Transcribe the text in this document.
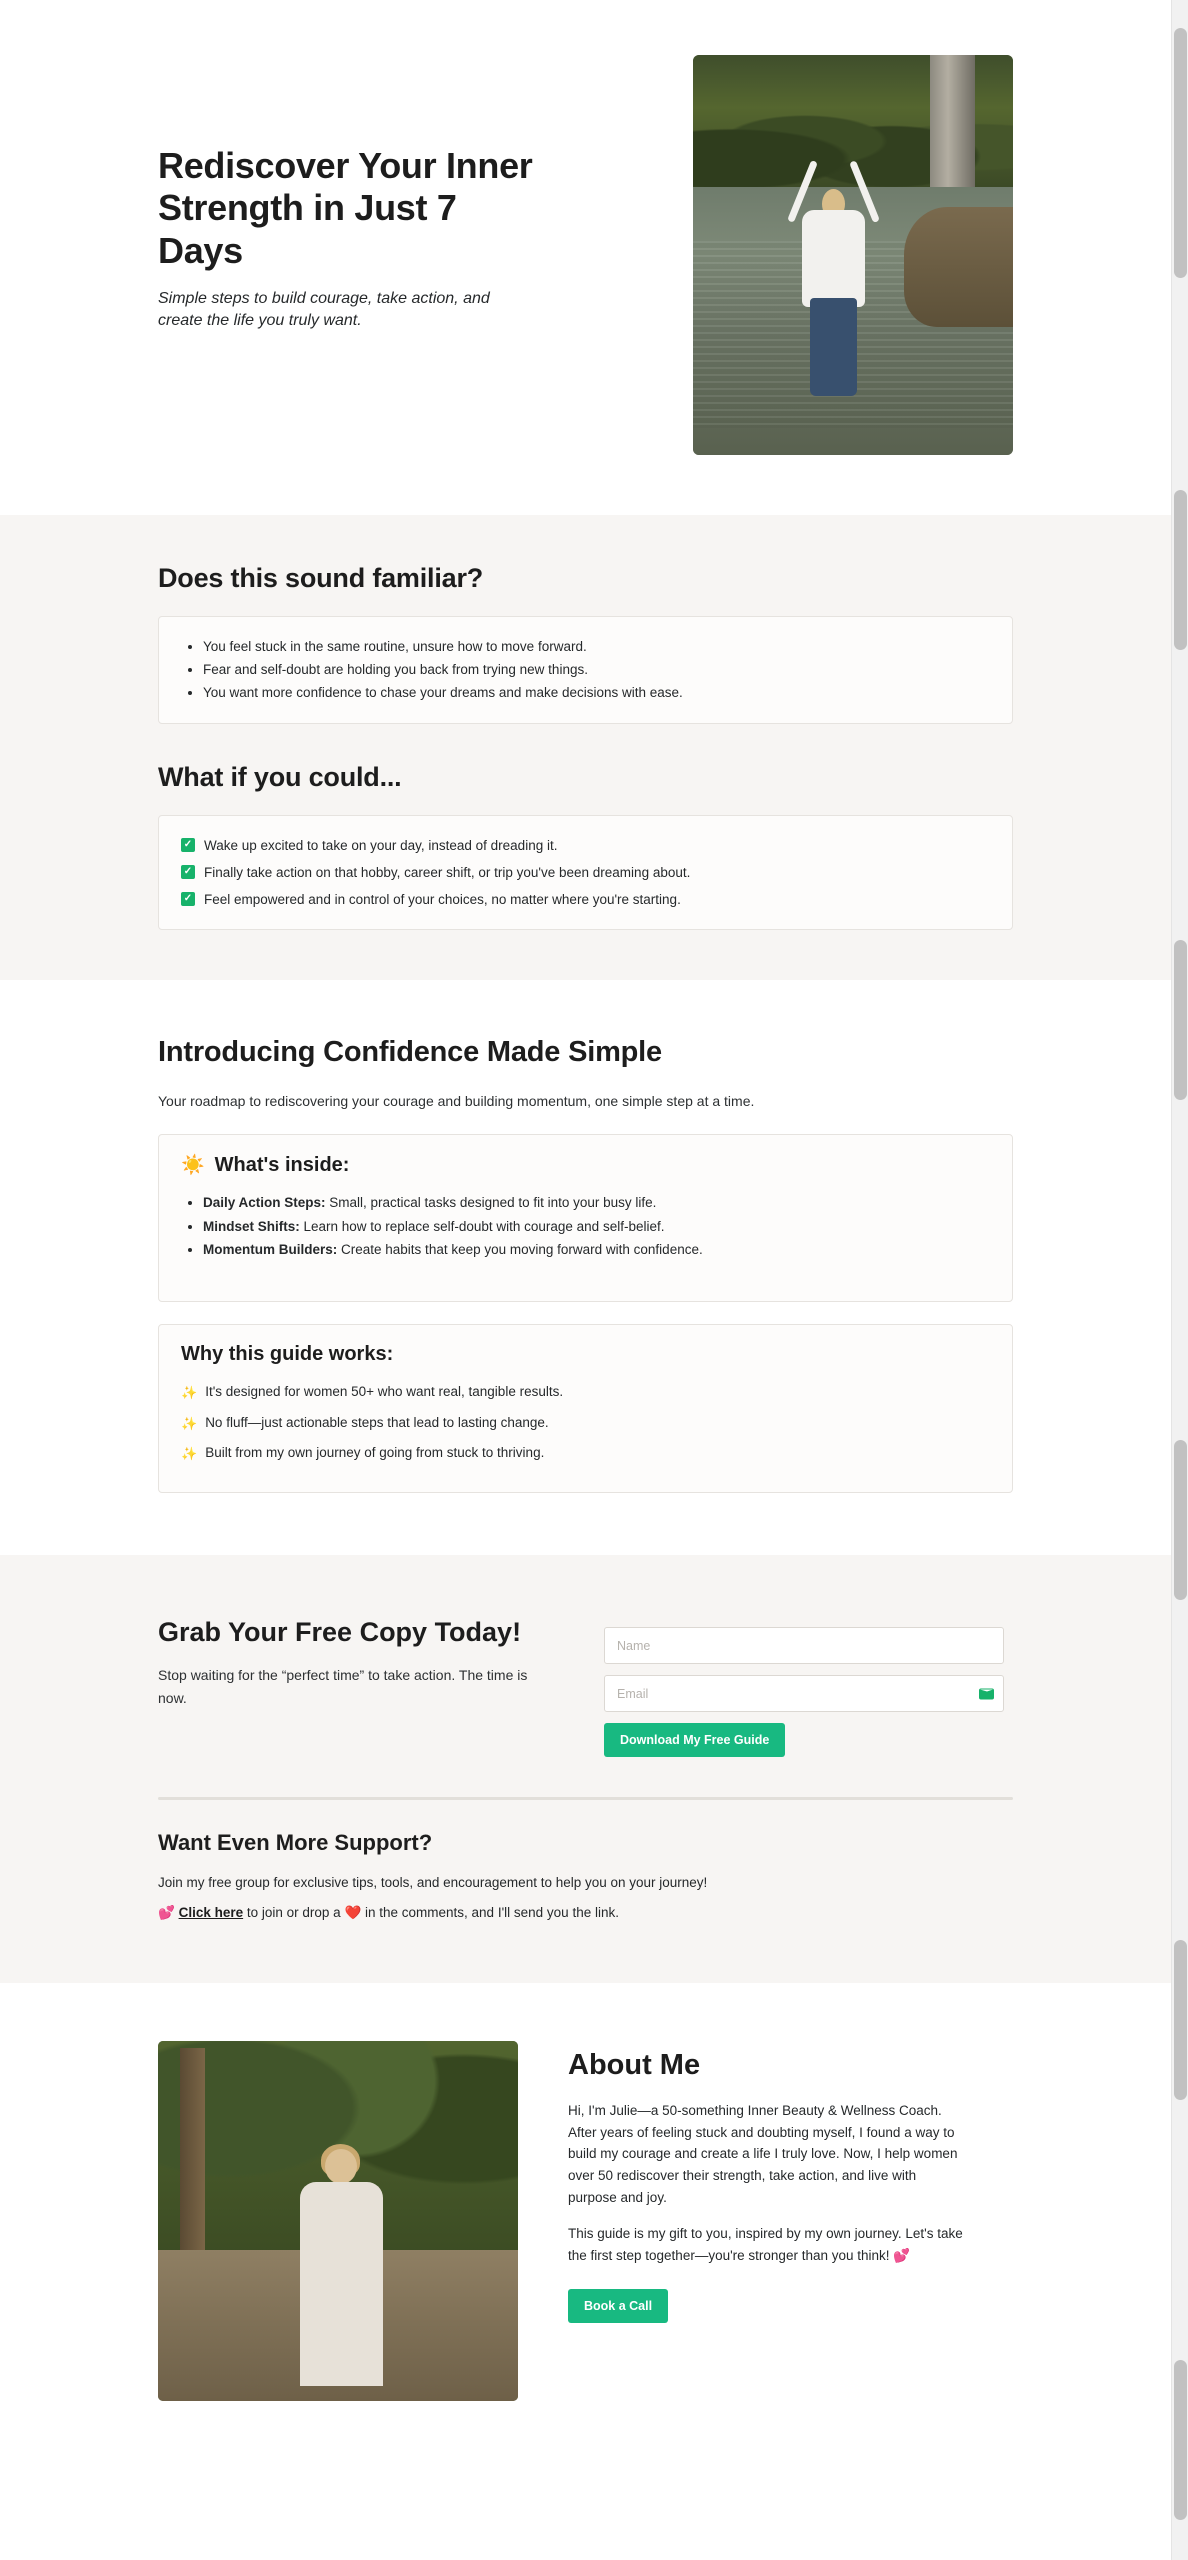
Rediscover Your Inner Strength in Just 7 Days

Simple steps to build courage, take action, and create the life you truly want.

Does this sound familiar?
• You feel stuck in the same routine, unsure how to move forward.
• Fear and self-doubt are holding you back from trying new things.
• You want more confidence to chase your dreams and make decisions with ease.
What if you could...
✓ Wake up excited to take on your day, instead of dreading it.
✓ Finally take action on that hobby, career shift, or trip you've been dreaming about.
✓ Feel empowered and in control of your choices, no matter where you're starting.
Introducing Confidence Made Simple

Your roadmap to rediscovering your courage and building momentum, one simple step at a time.

☀️ What's inside:
• Daily Action Steps: Small, practical tasks designed to fit into your busy life.
• Mindset Shifts: Learn how to replace self-doubt with courage and self-belief.
• Momentum Builders: Create habits that keep you moving forward with confidence.
Why this guide works:
✨ It's designed for women 50+ who want real, tangible results.
✨ No fluff—just actionable steps that lead to lasting change.
✨ Built from my own journey of going from stuck to thriving.
Grab Your Free Copy Today!

Stop waiting for the “perfect time” to take action. The time is now.

Name
Email
Download My Free Guide
Want Even More Support?

Join my free group for exclusive tips, tools, and encouragement to help you on your journey!

💕 Click here to join or drop a ❤️ in the comments, and I'll send you the link.

About Me

Hi, I'm Julie—a 50-something Inner Beauty & Wellness Coach. After years of feeling stuck and doubting myself, I found a way to build my courage and create a life I truly love. Now, I help women over 50 rediscover their strength, take action, and live with purpose and joy.

This guide is my gift to you, inspired by my own journey. Let's take the first step together—you're stronger than you think! 💕

Book a Call
